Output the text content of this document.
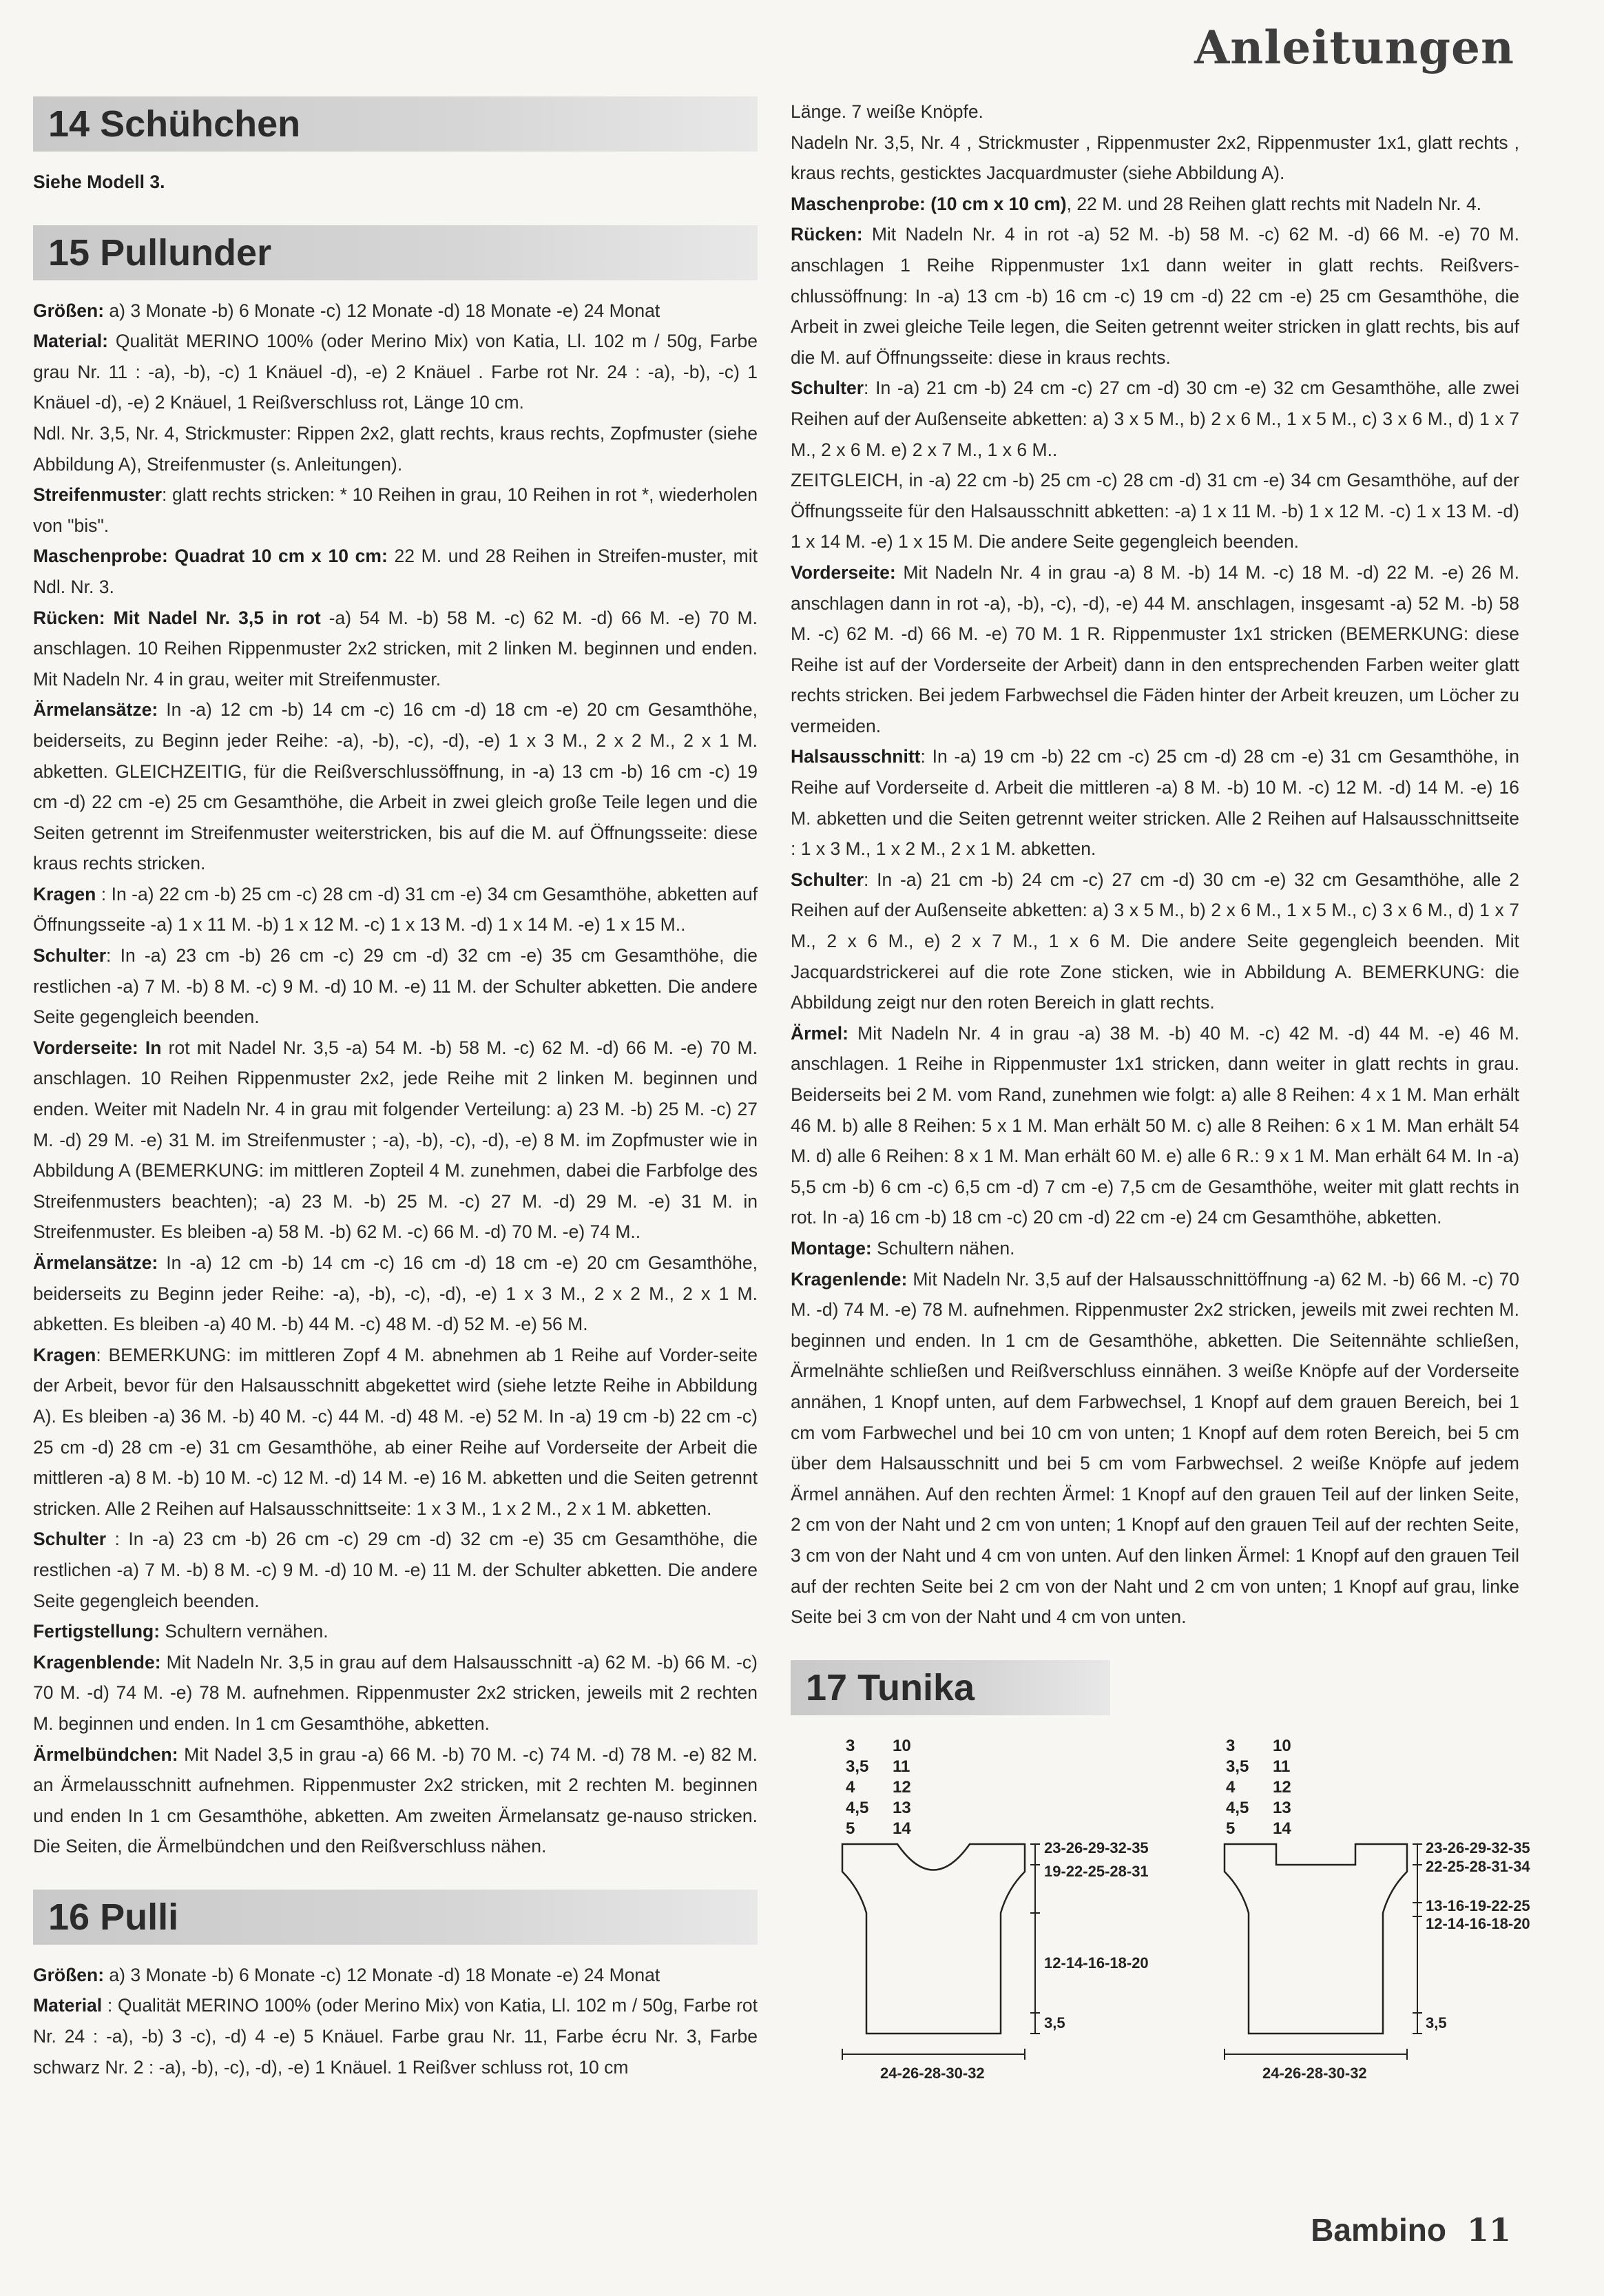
Anleitungen
14 Schühchen

Siehe Modell 3.

15 Pullunder

Größen: a) 3 Monate -b) 6 Monate -c) 12 Monate -d) 18 Monate -e) 24 Monat

Material: Qualität MERINO 100% (oder Merino Mix) von Katia, Ll. 102 m / 50g, Farbe grau Nr. 11 : -a), -b), -c) 1 Knäuel -d), -e) 2 Knäuel . Farbe rot Nr. 24 : -a), -b), -c) 1 Knäuel -d), -e) 2 Knäuel, 1 Reißverschluss rot, Länge 10 cm.

Ndl. Nr. 3,5, Nr. 4, Strickmuster: Rippen 2x2, glatt rechts, kraus rechts, Zopfmuster (siehe Abbildung A), Streifenmuster (s. Anleitungen).

Streifenmuster: glatt rechts stricken: * 10 Reihen in grau, 10 Reihen in rot *, wiederholen von "bis".

Maschenprobe: Quadrat 10 cm x 10 cm: 22 M. und 28 Reihen in Streifen-muster, mit Ndl. Nr. 3.

Rücken: Mit Nadel Nr. 3,5 in rot -a) 54 M. -b) 58 M. -c) 62 M. -d) 66 M. -e) 70 M. anschlagen. 10 Reihen Rippenmuster 2x2 stricken, mit 2 linken M. beginnen und enden. Mit Nadeln Nr. 4 in grau, weiter mit Streifenmuster.

Ärmelansätze: In -a) 12 cm -b) 14 cm -c) 16 cm -d) 18 cm -e) 20 cm Gesamthöhe, beiderseits, zu Beginn jeder Reihe: -a), -b), -c), -d), -e) 1 x 3 M., 2 x 2 M., 2 x 1 M. abketten. GLEICHZEITIG, für die Reißverschlussöffnung, in -a) 13 cm -b) 16 cm -c) 19 cm -d) 22 cm -e) 25 cm Gesamthöhe, die Arbeit in zwei gleich große Teile legen und die Seiten getrennt im Streifenmuster weiterstricken, bis auf die M. auf Öffnungsseite: diese kraus rechts stricken.

Kragen : In -a) 22 cm -b) 25 cm -c) 28 cm -d) 31 cm -e) 34 cm Gesamthöhe, abketten auf Öffnungsseite -a) 1 x 11 M. -b) 1 x 12 M. -c) 1 x 13 M. -d) 1 x 14 M. -e) 1 x 15 M..

Schulter: In -a) 23 cm -b) 26 cm -c) 29 cm -d) 32 cm -e) 35 cm Gesamthöhe, die restlichen -a) 7 M. -b) 8 M. -c) 9 M. -d) 10 M. -e) 11 M. der Schulter abketten. Die andere Seite gegengleich beenden.

Vorderseite: In rot mit Nadel Nr. 3,5 -a) 54 M. -b) 58 M. -c) 62 M. -d) 66 M. -e) 70 M. anschlagen. 10 Reihen Rippenmuster 2x2, jede Reihe mit 2 linken M. beginnen und enden. Weiter mit Nadeln Nr. 4 in grau mit folgender Verteilung: a) 23 M. -b) 25 M. -c) 27 M. -d) 29 M. -e) 31 M. im Streifenmuster ; -a), -b), -c), -d), -e) 8 M. im Zopfmuster wie in Abbildung A (BEMERKUNG: im mittleren Zopteil 4 M. zunehmen, dabei die Farbfolge des Streifenmusters beachten); -a) 23 M. -b) 25 M. -c) 27 M. -d) 29 M. -e) 31 M. in Streifenmuster. Es bleiben -a) 58 M. -b) 62 M. -c) 66 M. -d) 70 M. -e) 74 M..

Ärmelansätze: In -a) 12 cm -b) 14 cm -c) 16 cm -d) 18 cm -e) 20 cm Gesamthöhe, beiderseits zu Beginn jeder Reihe: -a), -b), -c), -d), -e) 1 x 3 M., 2 x 2 M., 2 x 1 M. abketten. Es bleiben -a) 40 M. -b) 44 M. -c) 48 M. -d) 52 M. -e) 56 M.

Kragen: BEMERKUNG: im mittleren Zopf 4 M. abnehmen ab 1 Reihe auf Vorder-seite der Arbeit, bevor für den Halsausschnitt abgekettet wird (siehe letzte Reihe in Abbildung A). Es bleiben -a) 36 M. -b) 40 M. -c) 44 M. -d) 48 M. -e) 52 M. In -a) 19 cm -b) 22 cm -c) 25 cm -d) 28 cm -e) 31 cm Gesamthöhe, ab einer Reihe auf Vorderseite der Arbeit die mittleren -a) 8 M. -b) 10 M. -c) 12 M. -d) 14 M. -e) 16 M. abketten und die Seiten getrennt stricken. Alle 2 Reihen auf Halsausschnittseite: 1 x 3 M., 1 x 2 M., 2 x 1 M. abketten.

Schulter : In -a) 23 cm -b) 26 cm -c) 29 cm -d) 32 cm -e) 35 cm Gesamthöhe, die restlichen -a) 7 M. -b) 8 M. -c) 9 M. -d) 10 M. -e) 11 M. der Schulter abketten. Die andere Seite gegengleich beenden.

Fertigstellung: Schultern vernähen.

Kragenblende: Mit Nadeln Nr. 3,5 in grau auf dem Halsausschnitt -a) 62 M. -b) 66 M. -c) 70 M. -d) 74 M. -e) 78 M. aufnehmen. Rippenmuster 2x2 stricken, jeweils mit 2 rechten M. beginnen und enden. In 1 cm Gesamthöhe, abketten.

Ärmelbündchen: Mit Nadel 3,5 in grau -a) 66 M. -b) 70 M. -c) 74 M. -d) 78 M. -e) 82 M. an Ärmelausschnitt aufnehmen. Rippenmuster 2x2 stricken, mit 2 rechten M. beginnen und enden In 1 cm Gesamthöhe, abketten. Am zweiten Ärmelansatz ge-nauso stricken. Die Seiten, die Ärmelbündchen und den Reißverschluss nähen.

16 Pulli

Größen: a) 3 Monate -b) 6 Monate -c) 12 Monate -d) 18 Monate -e) 24 Monat

Material : Qualität MERINO 100% (oder Merino Mix) von Katia, Ll. 102 m / 50g, Farbe rot Nr. 24 : -a), -b) 3 -c), -d) 4 -e) 5 Knäuel. Farbe grau Nr. 11, Farbe écru Nr. 3, Farbe schwarz Nr. 2 : -a), -b), -c), -d), -e) 1 Knäuel. 1 Reißver schluss rot, 10 cm

Länge. 7 weiße Knöpfe.

Nadeln Nr. 3,5, Nr. 4 , Strickmuster , Rippenmuster 2x2, Rippenmuster 1x1, glatt rechts , kraus rechts, gesticktes Jacquardmuster (siehe Abbildung A).

Maschenprobe: (10 cm x 10 cm), 22 M. und 28 Reihen glatt rechts mit Nadeln Nr. 4.

Rücken: Mit Nadeln Nr. 4 in rot -a) 52 M. -b) 58 M. -c) 62 M. -d) 66 M. -e) 70 M. anschlagen 1 Reihe Rippenmuster 1x1 dann weiter in glatt rechts. Reißvers-chlussöffnung: In -a) 13 cm -b) 16 cm -c) 19 cm -d) 22 cm -e) 25 cm Gesamthöhe, die Arbeit in zwei gleiche Teile legen, die Seiten getrennt weiter stricken in glatt rechts, bis auf die M. auf Öffnungsseite: diese in kraus rechts.

Schulter: In -a) 21 cm -b) 24 cm -c) 27 cm -d) 30 cm -e) 32 cm Gesamthöhe, alle zwei Reihen auf der Außenseite abketten: a) 3 x 5 M., b) 2 x 6 M., 1 x 5 M., c) 3 x 6 M., d) 1 x 7 M., 2 x 6 M. e) 2 x 7 M., 1 x 6 M..

ZEITGLEICH, in -a) 22 cm -b) 25 cm -c) 28 cm -d) 31 cm -e) 34 cm Gesamthöhe, auf der Öffnungsseite für den Halsausschnitt abketten: -a) 1 x 11 M. -b) 1 x 12 M. -c) 1 x 13 M. -d) 1 x 14 M. -e) 1 x 15 M. Die andere Seite gegengleich beenden.

Vorderseite: Mit Nadeln Nr. 4 in grau -a) 8 M. -b) 14 M. -c) 18 M. -d) 22 M. -e) 26 M. anschlagen dann in rot -a), -b), -c), -d), -e) 44 M. anschlagen, insgesamt -a) 52 M. -b) 58 M. -c) 62 M. -d) 66 M. -e) 70 M. 1 R. Rippenmuster 1x1 stricken (BEMERKUNG: diese Reihe ist auf der Vorderseite der Arbeit) dann in den entsprechenden Farben weiter glatt rechts stricken. Bei jedem Farbwechsel die Fäden hinter der Arbeit kreuzen, um Löcher zu vermeiden.

Halsausschnitt: In -a) 19 cm -b) 22 cm -c) 25 cm -d) 28 cm -e) 31 cm Gesamthöhe, in Reihe auf Vorderseite d. Arbeit die mittleren -a) 8 M. -b) 10 M. -c) 12 M. -d) 14 M. -e) 16 M. abketten und die Seiten getrennt weiter stricken. Alle 2 Reihen auf Halsausschnittseite : 1 x 3 M., 1 x 2 M., 2 x 1 M. abketten.

Schulter: In -a) 21 cm -b) 24 cm -c) 27 cm -d) 30 cm -e) 32 cm Gesamthöhe, alle 2 Reihen auf der Außenseite abketten: a) 3 x 5 M., b) 2 x 6 M., 1 x 5 M., c) 3 x 6 M., d) 1 x 7 M., 2 x 6 M., e) 2 x 7 M., 1 x 6 M. Die andere Seite gegengleich beenden. Mit Jacquardstrickerei auf die rote Zone sticken, wie in Abbildung A. BEMERKUNG: die Abbildung zeigt nur den roten Bereich in glatt rechts.

Ärmel: Mit Nadeln Nr. 4 in grau -a) 38 M. -b) 40 M. -c) 42 M. -d) 44 M. -e) 46 M. anschlagen. 1 Reihe in Rippenmuster 1x1 stricken, dann weiter in glatt rechts in grau. Beiderseits bei 2 M. vom Rand, zunehmen wie folgt: a) alle 8 Reihen: 4 x 1 M. Man erhält 46 M. b) alle 8 Reihen: 5 x 1 M. Man erhält 50 M. c) alle 8 Reihen: 6 x 1 M. Man erhält 54 M. d) alle 6 Reihen: 8 x 1 M. Man erhält 60 M. e) alle 6 R.: 9 x 1 M. Man erhält 64 M. In -a) 5,5 cm -b) 6 cm -c) 6,5 cm -d) 7 cm -e) 7,5 cm de Gesamthöhe, weiter mit glatt rechts in rot. In -a) 16 cm -b) 18 cm -c) 20 cm -d) 22 cm -e) 24 cm Gesamthöhe, abketten.

Montage: Schultern nähen.

Kragenlende: Mit Nadeln Nr. 3,5 auf der Halsausschnittöffnung -a) 62 M. -b) 66 M. -c) 70 M. -d) 74 M. -e) 78 M. aufnehmen. Rippenmuster 2x2 stricken, jeweils mit zwei rechten M. beginnen und enden. In 1 cm de Gesamthöhe, abketten. Die Seitennähte schließen, Ärmelnähte schließen und Reißverschluss einnähen. 3 weiße Knöpfe auf der Vorderseite annähen, 1 Knopf unten, auf dem Farbwechsel, 1 Knopf auf dem grauen Bereich, bei 1 cm vom Farbwechel und bei 10 cm von unten; 1 Knopf auf dem roten Bereich, bei 5 cm über dem Halsausschnitt und bei 5 cm vom Farbwechsel. 2 weiße Knöpfe auf jedem Ärmel annähen. Auf den rechten Ärmel: 1 Knopf auf den grauen Teil auf der linken Seite, 2 cm von der Naht und 2 cm von unten; 1 Knopf auf den grauen Teil auf der rechten Seite, 3 cm von der Naht und 4 cm von unten. Auf den linken Ärmel: 1 Knopf auf den grauen Teil auf der rechten Seite bei 2 cm von der Naht und 2 cm von unten; 1 Knopf auf grau, linke Seite bei 3 cm von der Naht und 4 cm von unten.

17 Tunika
3 10
3,5 11
4 12
4,5 13
5 14
3 10
3,5 11
4 12
4,5 13
5 14
23-26-29-32-35
19-22-25-28-31
12-14-16-18-20
3,5
24-26-28-30-32
23-26-29-32-35
22-25-28-31-34
13-16-19-22-25
12-14-16-18-20
3,5
24-26-28-30-32
Bambino 11
